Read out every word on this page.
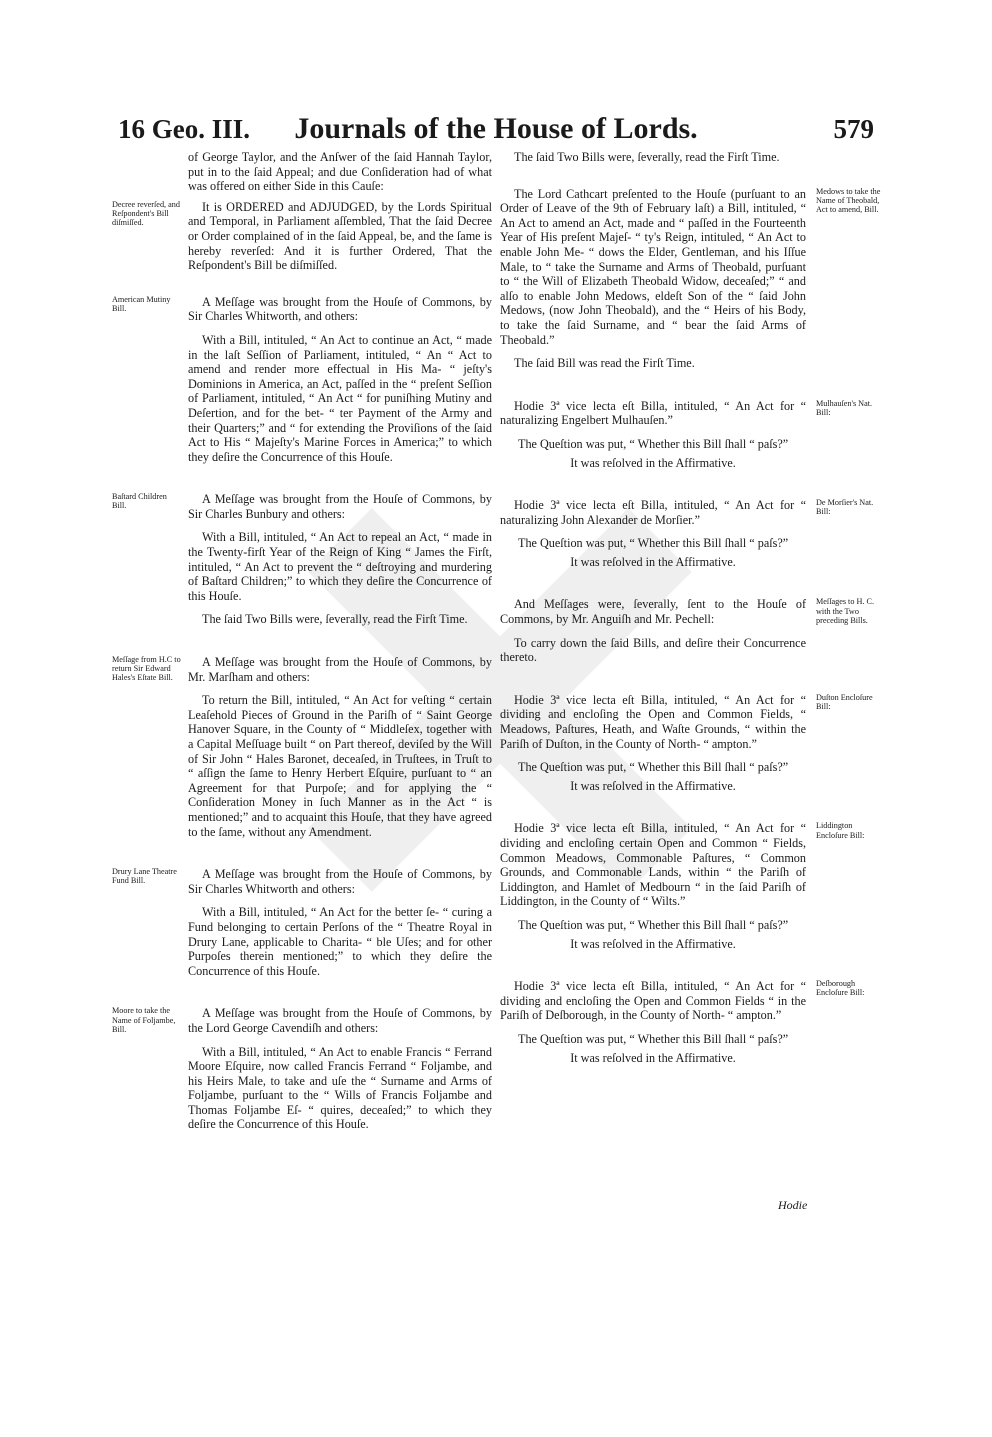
16 Geo. III.	Journals of the House of Lords.	579

of George Taylor, and the Anſwer of the ſaid Hannah Taylor, put in to the ſaid Appeal; and due Conſideration had of what was offered on either Side in this Cauſe:

Decree reverſed, and Reſpondent's Bill diſmiſſed.

It is ORDERED and ADJUDGED, by the Lords Spiritual and Temporal, in Parliament aſſembled, That the ſaid Decree or Order complained of in the ſaid Appeal, be, and the ſame is hereby reverſed: And it is further Ordered, That the Reſpondent's Bill be diſmiſſed.

American Mutiny Bill.	A Meſſage was brought from the Houſe of Commons, by Sir Charles Whitworth, and others:

With a Bill, intituled, “ An Act to continue an Act, “ made in the laſt Seſſion of Parliament, intituled, “ An “ Act to amend and render more effectual in His Ma- “ jeſty's Dominions in America, an Act, paſſed in the “ preſent Seſſion of Parliament, intituled, “ An Act “ for puniſhing Mutiny and Deſertion, and for the bet- “ ter Payment of the Army and their Quarters;” and “ for extending the Proviſions of the ſaid Act to His “ Majeſty's Marine Forces in America;” to which they deſire the Concurrence of this Houſe.

Baſtard Children Bill.	A Meſſage was brought from the Houſe of Commons, by Sir Charles Bunbury and others:

With a Bill, intituled, “ An Act to repeal an Act, “ made in the Twenty-firſt Year of the Reign of King “ James the Firſt, intituled, “ An Act to prevent the “ deſtroying and murdering of Baſtard Children;” to which they deſire the Concurrence of this Houſe.

The ſaid Two Bills were, ſeverally, read the Firſt Time.

Meſſage from H.C to return Sir Edward Hales's Eſtate Bill.

A Meſſage was brought from the Houſe of Commons, by Mr. Marſham and others:

To return the Bill, intituled, “ An Act for veſting “ certain Leaſehold Pieces of Ground in the Pariſh of “ Saint George Hanover Square, in the County of “ Middleſex, together with a Capital Meſſuage built “ on Part thereof, deviſed by the Will of Sir John “ Hales Baronet, deceaſed, in Truſtees, in Truſt to “ aſſign the ſame to Henry Herbert Eſquire, purſuant to “ an Agreement for that Purpoſe; and for applying the “ Conſideration Money in ſuch Manner as in the Act “ is mentioned;” and to acquaint this Houſe, that they have agreed to the ſame, without any Amendment.

Drury Lane Theatre Fund Bill.	A Meſſage was brought from the Houſe of Commons, by Sir Charles Whitworth and others:

With a Bill, intituled, “ An Act for the better ſe- “ curing a Fund belonging to certain Perſons of the “ Theatre Royal in Drury Lane, applicable to Charita- “ ble Uſes; and for other Purpoſes therein mentioned;” to which they deſire the Concurrence of this Houſe.

Moore to take the Name of Foljambe, Bill.

A Meſſage was brought from the Houſe of Commons, by the Lord George Cavendiſh and others:

With a Bill, intituled, “ An Act to enable Francis “ Ferrand Moore Eſquire, now called Francis Ferrand “ Foljambe, and his Heirs Male, to take and uſe the “ Surname and Arms of Foljambe, purſuant to the “ Wills of Francis Foljambe and Thomas Foljambe Eſ- “ quires, deceaſed;” to which they deſire the Concurrence of this Houſe.

The ſaid Two Bills were, ſeverally, read the Firſt Time.

Medows to take the Name of Theobald, Act to amend, Bill.

The Lord Cathcart preſented to the Houſe (purſuant to an Order of Leave of the 9th of February laſt) a Bill, intituled, “ An Act to amend an Act, made and “ paſſed in the Fourteenth Year of His preſent Majeſ- “ ty's Reign, intituled, “ An Act to enable John Me- “ dows the Elder, Gentleman, and his Iſſue Male, to “ take the Surname and Arms of Theobald, purſuant to “ the Will of Elizabeth Theobald Widow, deceaſed;” “ and alſo to enable John Medows, eldeſt Son of the “ ſaid John Medows, (now John Theobald), and the “ Heirs of his Body, to take the ſaid Surname, and “ bear the ſaid Arms of Theobald.”

The ſaid Bill was read the Firſt Time.

Mulhauſen's Nat. Bill:

Hodie 3ª vice lecta eſt Billa, intituled, “ An Act for “ naturalizing Engelbert Mulhauſen.”

The Queſtion was put, “ Whether this Bill ſhall “ paſs?”

It was reſolved in the Affirmative.

De Morſier's Nat. Bill:

Hodie 3ª vice lecta eſt Billa, intituled, “ An Act for “ naturalizing John Alexander de Morſier.”

The Queſtion was put, “ Whether this Bill ſhall “ paſs?”

It was reſolved in the Affirmative.

Meſſages to H. C. with the Two preceding Bills.

And Meſſages were, ſeverally, ſent to the Houſe of Commons, by Mr. Anguiſh and Mr. Pechell:

To carry down the ſaid Bills, and deſire their Concurrence thereto.

Duſton Encloſure Bill:

Hodie 3ª vice lecta eſt Billa, intituled, “ An Act for “ dividing and encloſing the Open and Common Fields, “ Meadows, Paſtures, Heath, and Waſte Grounds, “ within the Pariſh of Duſton, in the County of North- “ ampton.”

The Queſtion was put, “ Whether this Bill ſhall “ paſs?”

It was reſolved in the Affirmative.

Liddington Encloſure Bill:

Hodie 3ª vice lecta eſt Billa, intituled, “ An Act for “ dividing and encloſing certain Open and Common “ Fields, Common Meadows, Commonable Paſtures, “ Common Grounds, and Commonable Lands, within “ the Pariſh of Liddington, and Hamlet of Medbourn “ in the ſaid Pariſh of Liddington, in the County of “ Wilts.”

The Queſtion was put, “ Whether this Bill ſhall “ paſs?”

It was reſolved in the Affirmative.

Deſborough Encloſure Bill:

Hodie 3ª vice lecta eſt Billa, intituled, “ An Act for “ dividing and encloſing the Open and Common Fields “ in the Pariſh of Deſborough, in the County of North- “ ampton.”

The Queſtion was put, “ Whether this Bill ſhall “ paſs?”

It was reſolved in the Affirmative.

Hodie
